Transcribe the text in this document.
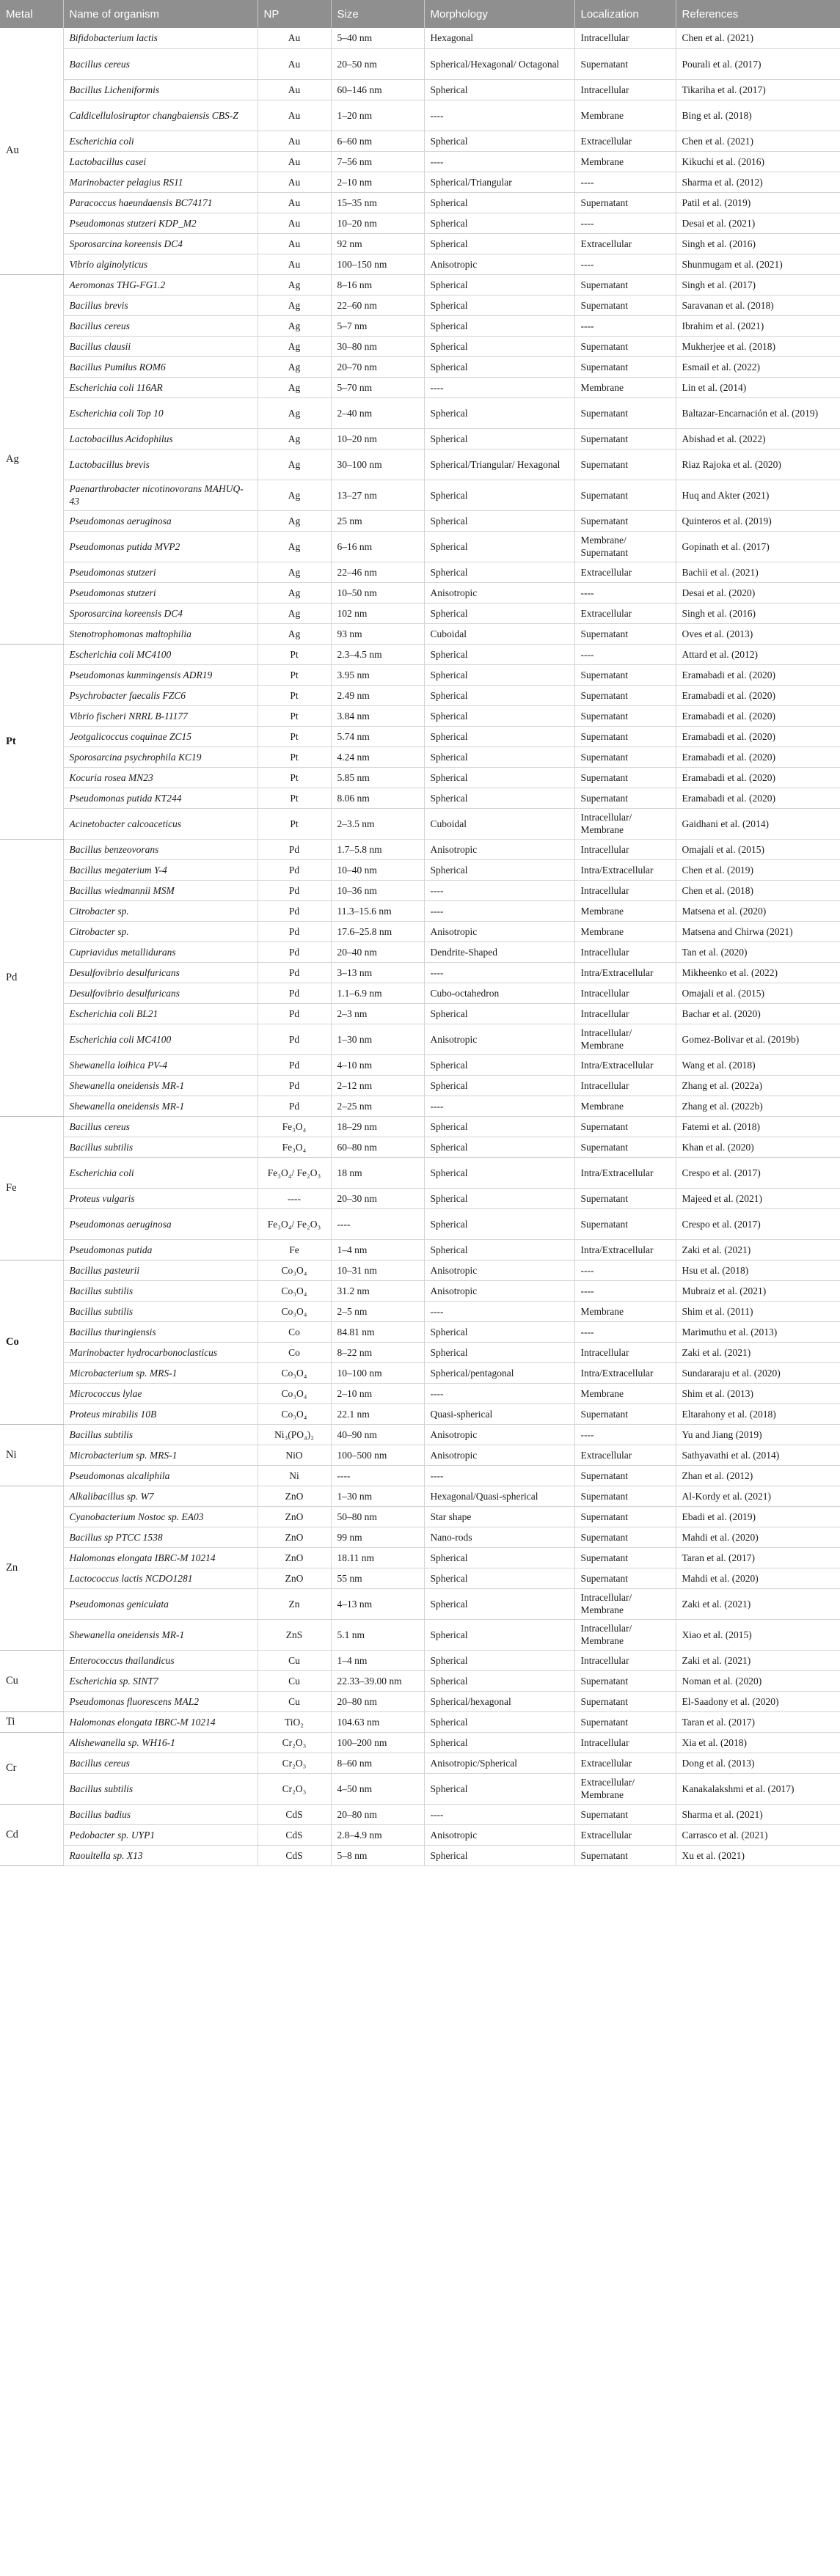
Metal	Name of organism	NP	Size	Morphology	Localization	References
Au	Bifidobacterium lactis	Au	5–40 nm	Hexagonal	Intracellular	Chen et al. (2021)
	Bacillus cereus	Au	20–50 nm	Spherical/Hexagonal/ Octagonal	Supernatant	Pourali et al. (2017)
	Bacillus Licheniformis	Au	60–146 nm	Spherical	Intracellular	Tikariha et al. (2017)
	Caldicellulosiruptor changbaiensis CBS-Z	Au	1–20 nm	----	Membrane	Bing et al. (2018)
	Escherichia coli	Au	6–60 nm	Spherical	Extracellular	Chen et al. (2021)
	Lactobacillus casei	Au	7–56 nm	----	Membrane	Kikuchi et al. (2016)
	Marinobacter pelagius RS11	Au	2–10 nm	Spherical/Triangular	----	Sharma et al. (2012)
	Paracoccus haeundaensis BC74171	Au	15–35 nm	Spherical	Supernatant	Patil et al. (2019)
	Pseudomonas stutzeri KDP_M2	Au	10–20 nm	Spherical	----	Desai et al. (2021)
	Sporosarcina koreensis DC4	Au	92 nm	Spherical	Extracellular	Singh et al. (2016)
	Vibrio alginolyticus	Au	100–150 nm	Anisotropic	----	Shunmugam et al. (2021)
Ag	Aeromonas THG-FG1.2	Ag	8–16 nm	Spherical	Supernatant	Singh et al. (2017)
	Bacillus brevis	Ag	22–60 nm	Spherical	Supernatant	Saravanan et al. (2018)
	Bacillus cereus	Ag	5–7 nm	Spherical	----	Ibrahim et al. (2021)
	Bacillus clausii	Ag	30–80 nm	Spherical	Supernatant	Mukherjee et al. (2018)
	Bacillus Pumilus ROM6	Ag	20–70 nm	Spherical	Supernatant	Esmail et al. (2022)
	Escherichia coli 116AR	Ag	5–70 nm	----	Membrane	Lin et al. (2014)
	Escherichia coli Top 10	Ag	2–40 nm	Spherical	Supernatant	Baltazar-Encarnación et al. (2019)
	Lactobacillus Acidophilus	Ag	10–20 nm	Spherical	Supernatant	Abishad et al. (2022)
	Lactobacillus brevis	Ag	30–100 nm	Spherical/Triangular/ Hexagonal	Supernatant	Riaz Rajoka et al. (2020)
	Paenarthrobacter nicotinovorans MAHUQ-43	Ag	13–27 nm	Spherical	Supernatant	Huq and Akter (2021)
	Pseudomonas aeruginosa	Ag	25 nm	Spherical	Supernatant	Quinteros et al. (2019)
	Pseudomonas putida MVP2	Ag	6–16 nm	Spherical	Membrane/ Supernatant	Gopinath et al. (2017)
	Pseudomonas stutzeri	Ag	22–46 nm	Spherical	Extracellular	Bachii et al. (2021)
	Pseudomonas stutzeri	Ag	10–50 nm	Anisotropic	----	Desai et al. (2020)
	Sporosarcina koreensis DC4	Ag	102 nm	Spherical	Extracellular	Singh et al. (2016)
	Stenotrophomonas maltophilia	Ag	93 nm	Cuboidal	Supernatant	Oves et al. (2013)
Pt	Escherichia coli MC4100	Pt	2.3–4.5 nm	Spherical	----	Attard et al. (2012)
	Pseudomonas kunmingensis ADR19	Pt	3.95 nm	Spherical	Supernatant	Eramabadi et al. (2020)
	Psychrobacter faecalis FZC6	Pt	2.49 nm	Spherical	Supernatant	Eramabadi et al. (2020)
	Vibrio fischeri NRRL B-11177	Pt	3.84 nm	Spherical	Supernatant	Eramabadi et al. (2020)
	Jeotgalicoccus coquinae ZC15	Pt	5.74 nm	Spherical	Supernatant	Eramabadi et al. (2020)
	Sporosarcina psychrophila KC19	Pt	4.24 nm	Spherical	Supernatant	Eramabadi et al. (2020)
	Kocuria rosea MN23	Pt	5.85 nm	Spherical	Supernatant	Eramabadi et al. (2020)
	Pseudomonas putida KT244	Pt	8.06 nm	Spherical	Supernatant	Eramabadi et al. (2020)
	Acinetobacter calcoaceticus	Pt	2–3.5 nm	Cuboidal	Intracellular/ Membrane	Gaidhani et al. (2014)
Pd	Bacillus benzeovorans	Pd	1.7–5.8 nm	Anisotropic	Intracellular	Omajali et al. (2015)
	Bacillus megaterium Y-4	Pd	10–40 nm	Spherical	Intra/Extracellular	Chen et al. (2019)
	Bacillus wiedmannii MSM	Pd	10–36 nm	----	Intracellular	Chen et al. (2018)
	Citrobacter sp.	Pd	11.3–15.6 nm	----	Membrane	Matsena et al. (2020)
	Citrobacter sp.	Pd	17.6–25.8 nm	Anisotropic	Membrane	Matsena and Chirwa (2021)
	Cupriavidus metallidurans	Pd	20–40 nm	Dendrite-Shaped	Intracellular	Tan et al. (2020)
	Desulfovibrio desulfuricans	Pd	3–13 nm	----	Intra/Extracellular	Mikheenko et al. (2022)
	Desulfovibrio desulfuricans	Pd	1.1–6.9 nm	Cubo-octahedron	Intracellular	Omajali et al. (2015)
	Escherichia coli BL21	Pd	2–3 nm	Spherical	Intracellular	Bachar et al. (2020)
	Escherichia coli MC4100	Pd	1–30 nm	Anisotropic	Intracellular/ Membrane	Gomez-Bolivar et al. (2019b)
	Shewanella loihica PV-4	Pd	4–10 nm	Spherical	Intra/Extracellular	Wang et al. (2018)
	Shewanella oneidensis MR-1	Pd	2–12 nm	Spherical	Intracellular	Zhang et al. (2022a)
	Shewanella oneidensis MR-1	Pd	2–25 nm	----	Membrane	Zhang et al. (2022b)
Fe	Bacillus cereus	Fe₃O₄	18–29 nm	Spherical	Supernatant	Fatemi et al. (2018)
	Bacillus subtilis	Fe₃O₄	60–80 nm	Spherical	Supernatant	Khan et al. (2020)
	Escherichia coli	Fe₃O₄/ Fe₂O₃	18 nm	Spherical	Intra/Extracellular	Crespo et al. (2017)
	Proteus vulgaris	----	20–30 nm	Spherical	Supernatant	Majeed et al. (2021)
	Pseudomonas aeruginosa	Fe₃O₄/ Fe₂O₃	----	Spherical	Supernatant	Crespo et al. (2017)
	Pseudomonas putida	Fe	1–4 nm	Spherical	Intra/Extracellular	Zaki et al. (2021)
Co	Bacillus pasteurii	Co₃O₄	10–31 nm	Anisotropic	----	Hsu et al. (2018)
	Bacillus subtilis	Co₃O₄	31.2 nm	Anisotropic	----	Mubraiz et al. (2021)
	Bacillus subtilis	Co₃O₄	2–5 nm	----	Membrane	Shim et al. (2011)
	Bacillus thuringiensis	Co	84.81 nm	Spherical	----	Marimuthu et al. (2013)
	Marinobacter hydrocarbonoclasticus	Co	8–22 nm	Spherical	Intracellular	Zaki et al. (2021)
	Microbacterium sp. MRS-1	Co₃O₄	10–100 nm	Spherical/pentagonal	Intra/Extracellular	Sundararaju et al. (2020)
	Micrococcus lylae	Co₃O₄	2–10 nm	----	Membrane	Shim et al. (2013)
	Proteus mirabilis 10B	Co₃O₄	22.1 nm	Quasi-spherical	Supernatant	Eltarahony et al. (2018)
Ni	Bacillus subtilis	Ni₃(PO₄)₂	40–90 nm	Anisotropic	----	Yu and Jiang (2019)
	Microbacterium sp. MRS-1	NiO	100–500 nm	Anisotropic	Extracellular	Sathyavathi et al. (2014)
	Pseudomonas alcaliphila	Ni	----	----	Supernatant	Zhan et al. (2012)
Zn	Alkalibacillus sp. W7	ZnO	1–30 nm	Hexagonal/Quasi-spherical	Supernatant	Al-Kordy et al. (2021)
	Cyanobacterium Nostoc sp. EA03	ZnO	50–80 nm	Star shape	Supernatant	Ebadi et al. (2019)
	Bacillus sp PTCC 1538	ZnO	99 nm	Nano-rods	Supernatant	Mahdi et al. (2020)
	Halomonas elongata IBRC-M 10214	ZnO	18.11 nm	Spherical	Supernatant	Taran et al. (2017)
	Lactococcus lactis NCDO1281	ZnO	55 nm	Spherical	Supernatant	Mahdi et al. (2020)
	Pseudomonas geniculata	Zn	4–13 nm	Spherical	Intracellular/ Membrane	Zaki et al. (2021)
	Shewanella oneidensis MR-1	ZnS	5.1 nm	Spherical	Intracellular/ Membrane	Xiao et al. (2015)
Cu	Enterococcus thailandicus	Cu	1–4 nm	Spherical	Intracellular	Zaki et al. (2021)
	Escherichia sp. SINT7	Cu	22.33–39.00 nm	Spherical	Supernatant	Noman et al. (2020)
	Pseudomonas fluorescens MAL2	Cu	20–80 nm	Spherical/hexagonal	Supernatant	El-Saadony et al. (2020)
Ti	Halomonas elongata IBRC-M 10214	TiO₂	104.63 nm	Spherical	Supernatant	Taran et al. (2017)
Cr	Alishewanella sp. WH16-1	Cr₂O₃	100–200 nm	Spherical	Intracellular	Xia et al. (2018)
	Bacillus cereus	Cr₂O₃	8–60 nm	Anisotropic/Spherical	Extracellular	Dong et al. (2013)
	Bacillus subtilis	Cr₂O₃	4–50 nm	Spherical	Extracellular/ Membrane	Kanakalakshmi et al. (2017)
Cd	Bacillus badius	CdS	20–80 nm	----	Supernatant	Sharma et al. (2021)
	Pedobacter sp. UYP1	CdS	2.8–4.9 nm	Anisotropic	Extracellular	Carrasco et al. (2021)
	Raoultella sp. X13	CdS	5–8 nm	Spherical	Supernatant	Xu et al. (2021)
